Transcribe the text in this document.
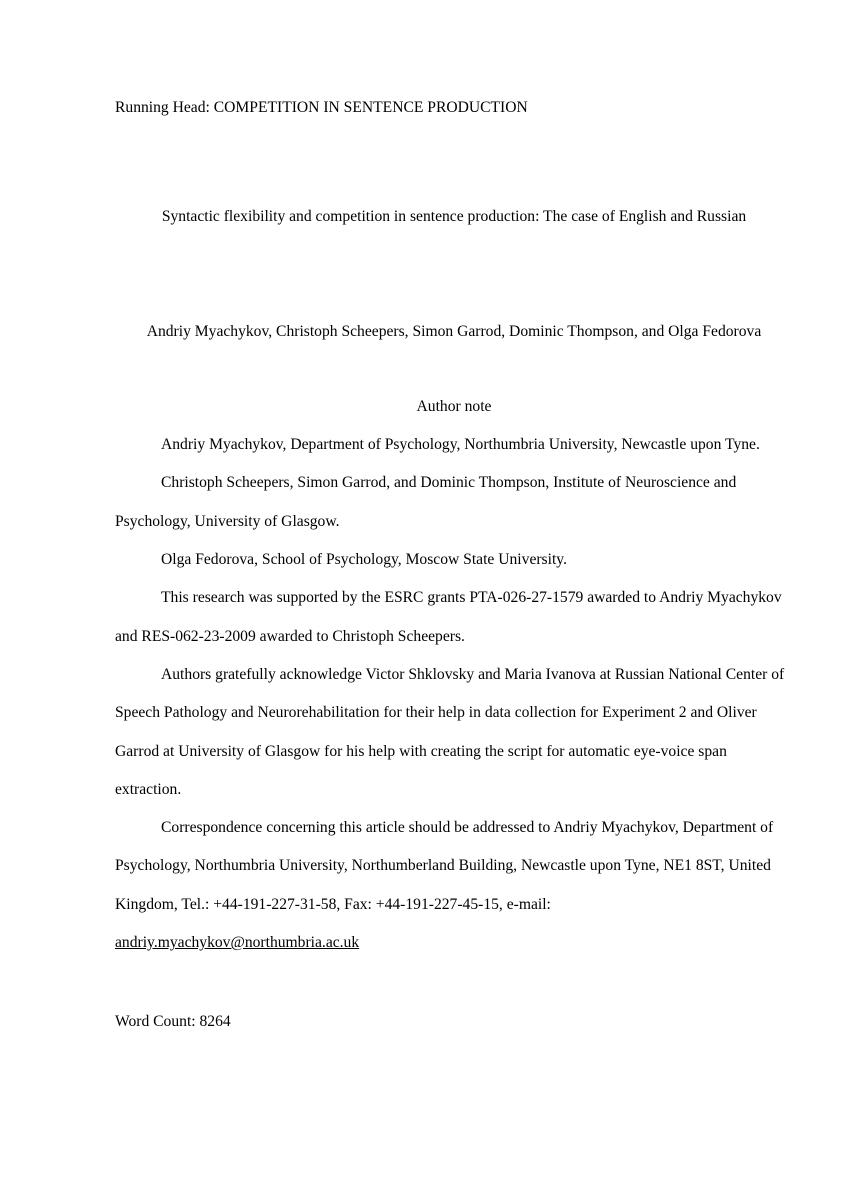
Running Head: COMPETITION IN SENTENCE PRODUCTION
Syntactic flexibility and competition in sentence production: The case of English and Russian
Andriy Myachykov, Christoph Scheepers, Simon Garrod, Dominic Thompson, and Olga Fedorova
Author note

Andriy Myachykov, Department of Psychology, Northumbria University, Newcastle upon Tyne.

Christoph Scheepers, Simon Garrod, and Dominic Thompson, Institute of Neuroscience and Psychology, University of Glasgow.

Olga Fedorova, School of Psychology, Moscow State University.

This research was supported by the ESRC grants PTA-026-27-1579 awarded to Andriy Myachykov and RES-062-23-2009 awarded to Christoph Scheepers.

Authors gratefully acknowledge Victor Shklovsky and Maria Ivanova at Russian National Center of Speech Pathology and Neurorehabilitation for their help in data collection for Experiment 2 and Oliver Garrod at University of Glasgow for his help with creating the script for automatic eye-voice span extraction.

Correspondence concerning this article should be addressed to Andriy Myachykov, Department of Psychology, Northumbria University, Northumberland Building, Newcastle upon Tyne, NE1 8ST, United Kingdom, Tel.: +44-191-227-31-58, Fax: +44-191-227-45-15, e-mail: andriy.myachykov@northumbria.ac.uk

Word Count: 8264
